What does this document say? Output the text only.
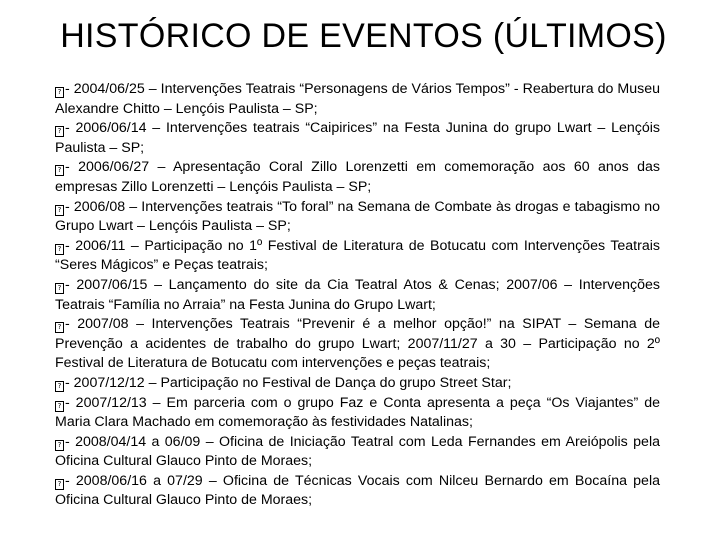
HISTÓRICO DE EVENTOS (ÚLTIMOS)

? - 2004/06/25 – Intervenções Teatrais “Personagens de Vários Tempos” - Reabertura do Museu Alexandre Chitto – Lençóis Paulista – SP;

? - 2006/06/14 – Intervenções teatrais “Caipirices” na Festa Junina do grupo Lwart – Lençóis Paulista – SP;

? - 2006/06/27 – Apresentação Coral Zillo Lorenzetti em comemoração aos 60 anos das empresas Zillo Lorenzetti – Lençóis Paulista – SP;

? - 2006/08 – Intervenções teatrais “To foral” na Semana de Combate às drogas e tabagismo no Grupo Lwart – Lençóis Paulista – SP;

? - 2006/11 – Participação no 1º Festival de Literatura de Botucatu com Intervenções Teatrais “Seres Mágicos” e Peças teatrais;

? - 2007/06/15 – Lançamento do site da Cia Teatral Atos & Cenas; 2007/06 – Intervenções Teatrais “Família no Arraia” na Festa Junina do Grupo Lwart;

? - 2007/08 – Intervenções Teatrais “Prevenir é a melhor opção!” na SIPAT – Semana de Prevenção a acidentes de trabalho do grupo Lwart; 2007/11/27 a 30 – Participação no 2º Festival de Literatura de Botucatu com intervenções e peças teatrais;

? - 2007/12/12 – Participação no Festival de Dança do grupo Street Star;

? - 2007/12/13 – Em parceria com o grupo Faz e Conta apresenta a peça “Os Viajantes” de Maria Clara Machado em comemoração às festividades Natalinas;

? - 2008/04/14 a 06/09 – Oficina de Iniciação Teatral com Leda Fernandes em Areiópolis pela Oficina Cultural Glauco Pinto de Moraes;

? - 2008/06/16 a 07/29 – Oficina de Técnicas Vocais com Nilceu Bernardo em Bocaína pela Oficina Cultural Glauco Pinto de Moraes;
